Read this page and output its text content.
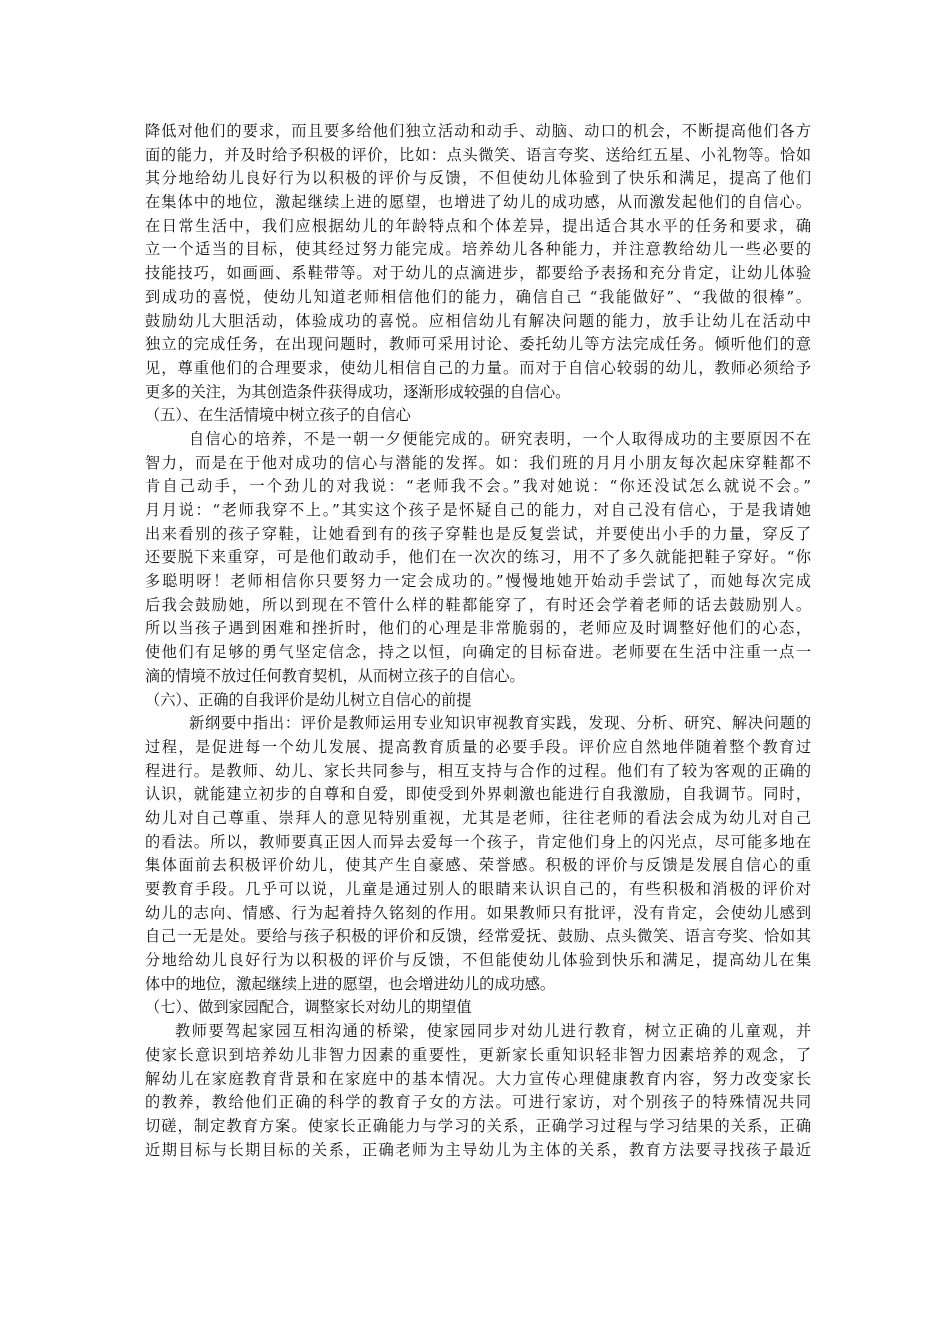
降低对他们的要求，而且要多给他们独立活动和动手、动脑、动口的机会，不断提高他们各方
面的能力，并及时给予积极的评价，比如：点头微笑、语言夸奖、送给红五星、小礼物等。恰如
其分地给幼儿良好行为以积极的评价与反馈，不但使幼儿体验到了快乐和满足，提高了他们
在集体中的地位，激起继续上进的愿望，也增进了幼儿的成功感，从而激发起他们的自信心。
在日常生活中，我们应根据幼儿的年龄特点和个体差异，提出适合其水平的任务和要求，确
立一个适当的目标，使其经过努力能完成。培养幼儿各种能力，并注意教给幼儿一些必要的
技能技巧，如画画、系鞋带等。对于幼儿的点滴进步，都要给予表扬和充分肯定，让幼儿体验
到成功的喜悦，使幼儿知道老师相信他们的能力，确信自己 “我能做好”、“我做的很棒”。
鼓励幼儿大胆活动，体验成功的喜悦。应相信幼儿有解决问题的能力，放手让幼儿在活动中
独立的完成任务，在出现问题时，教师可采用讨论、委托幼儿等方法完成任务。倾听他们的意
见，尊重他们的合理要求，使幼儿相信自己的力量。而对于自信心较弱的幼儿，教师必须给予
更多的关注，为其创造条件获得成功，逐渐形成较强的自信心。
（五）、在生活情境中树立孩子的自信心
自信心的培养，不是一朝一夕便能完成的。研究表明，一个人取得成功的主要原因不在
智力，而是在于他对成功的信心与潜能的发挥。如：我们班的月月小朋友每次起床穿鞋都不
肯自己动手，一个劲儿的对我说：“老师我不会。”我对她说：“你还没试怎么就说不会。”
月月说：“老师我穿不上。”其实这个孩子是怀疑自己的能力，对自己没有信心，于是我请她
出来看别的孩子穿鞋，让她看到有的孩子穿鞋也是反复尝试，并要使出小手的力量，穿反了
还要脱下来重穿，可是他们敢动手，他们在一次次的练习，用不了多久就能把鞋子穿好。“你
多聪明呀！老师相信你只要努力一定会成功的。”慢慢地她开始动手尝试了，而她每次完成
后我会鼓励她，所以到现在不管什么样的鞋都能穿了，有时还会学着老师的话去鼓励别人。
所以当孩子遇到困难和挫折时，他们的心理是非常脆弱的，老师应及时调整好他们的心态，
使他们有足够的勇气坚定信念，持之以恒，向确定的目标奋进。老师要在生活中注重一点一
滴的情境不放过任何教育契机，从而树立孩子的自信心。
（六）、正确的自我评价是幼儿树立自信心的前提
新纲要中指出：评价是教师运用专业知识审视教育实践，发现、分析、研究、解决问题的
过程，是促进每一个幼儿发展、提高教育质量的必要手段。评价应自然地伴随着整个教育过
程进行。是教师、幼儿、家长共同参与，相互支持与合作的过程。他们有了较为客观的正确的
认识，就能建立初步的自尊和自爱，即使受到外界刺激也能进行自我激励，自我调节。同时，
幼儿对自己尊重、崇拜人的意见特别重视，尤其是老师，往往老师的看法会成为幼儿对自己
的看法。所以，教师要真正因人而异去爱每一个孩子，肯定他们身上的闪光点，尽可能多地在
集体面前去积极评价幼儿，使其产生自豪感、荣誉感。积极的评价与反馈是发展自信心的重
要教育手段。几乎可以说，儿童是通过别人的眼睛来认识自己的，有些积极和消极的评价对
幼儿的志向、情感、行为起着持久铭刻的作用。如果教师只有批评，没有肯定，会使幼儿感到
自己一无是处。要给与孩子积极的评价和反馈，经常爱抚、鼓励、点头微笑、语言夸奖、恰如其
分地给幼儿良好行为以积极的评价与反馈，不但能使幼儿体验到快乐和满足，提高幼儿在集
体中的地位，激起继续上进的愿望，也会增进幼儿的成功感。
（七）、做到家园配合，调整家长对幼儿的期望值
教师要驾起家园互相沟通的桥梁，使家园同步对幼儿进行教育，树立正确的儿童观，并
使家长意识到培养幼儿非智力因素的重要性，更新家长重知识轻非智力因素培养的观念，了
解幼儿在家庭教育背景和在家庭中的基本情况。大力宣传心理健康教育内容，努力改变家长
的教养，教给他们正确的科学的教育子女的方法。可进行家访，对个别孩子的特殊情况共同
切磋，制定教育方案。使家长正确能力与学习的关系，正确学习过程与学习结果的关系，正确
近期目标与长期目标的关系，正确老师为主导幼儿为主体的关系，教育方法要寻找孩子最近
